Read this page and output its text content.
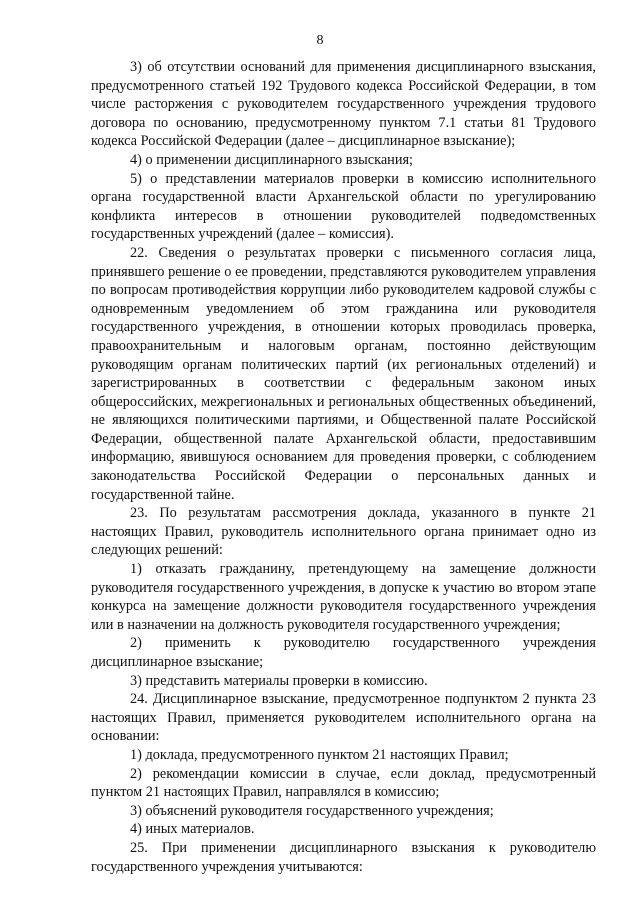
8

3) об отсутствии оснований для применения дисциплинарного взыскания, предусмотренного статьей 192 Трудового кодекса Российской Федерации, в том числе расторжения с руководителем государственного учреждения трудового договора по основанию, предусмотренному пунктом 7.1 статьи 81 Трудового кодекса Российской Федерации (далее – дисциплинарное взыскание);

4) о применении дисциплинарного взыскания;

5) о представлении материалов проверки в комиссию исполнительного органа государственной власти Архангельской области по урегулированию конфликта интересов в отношении руководителей подведомственных государственных учреждений (далее – комиссия).

22. Сведения о результатах проверки с письменного согласия лица, принявшего решение о ее проведении, представляются руководителем управления по вопросам противодействия коррупции либо руководителем кадровой службы с одновременным уведомлением об этом гражданина или руководителя государственного учреждения, в отношении которых проводилась проверка, правоохранительным и налоговым органам, постоянно действующим руководящим органам политических партий (их региональных отделений) и зарегистрированных в соответствии с федеральным законом иных общероссийских, межрегиональных и региональных общественных объединений, не являющихся политическими партиями, и Общественной палате Российской Федерации, общественной палате Архангельской области, предоставившим информацию, явившуюся основанием для проведения проверки, с соблюдением законодательства Российской Федерации о персональных данных и государственной тайне.

23. По результатам рассмотрения доклада, указанного в пункте 21 настоящих Правил, руководитель исполнительного органа принимает одно из следующих решений:

1) отказать гражданину, претендующему на замещение должности руководителя государственного учреждения, в допуске к участию во втором этапе конкурса на замещение должности руководителя государственного учреждения или в назначении на должность руководителя государственного учреждения;

2) применить к руководителю государственного учреждения дисциплинарное взыскание;

3) представить материалы проверки в комиссию.

24. Дисциплинарное взыскание, предусмотренное подпунктом 2 пункта 23 настоящих Правил, применяется руководителем исполнительного органа на основании:

1) доклада, предусмотренного пунктом 21 настоящих Правил;

2) рекомендации комиссии в случае, если доклад, предусмотренный пунктом 21 настоящих Правил, направлялся в комиссию;

3) объяснений руководителя государственного учреждения;

4) иных материалов.

25. При применении дисциплинарного взыскания к руководителю государственного учреждения учитываются:
